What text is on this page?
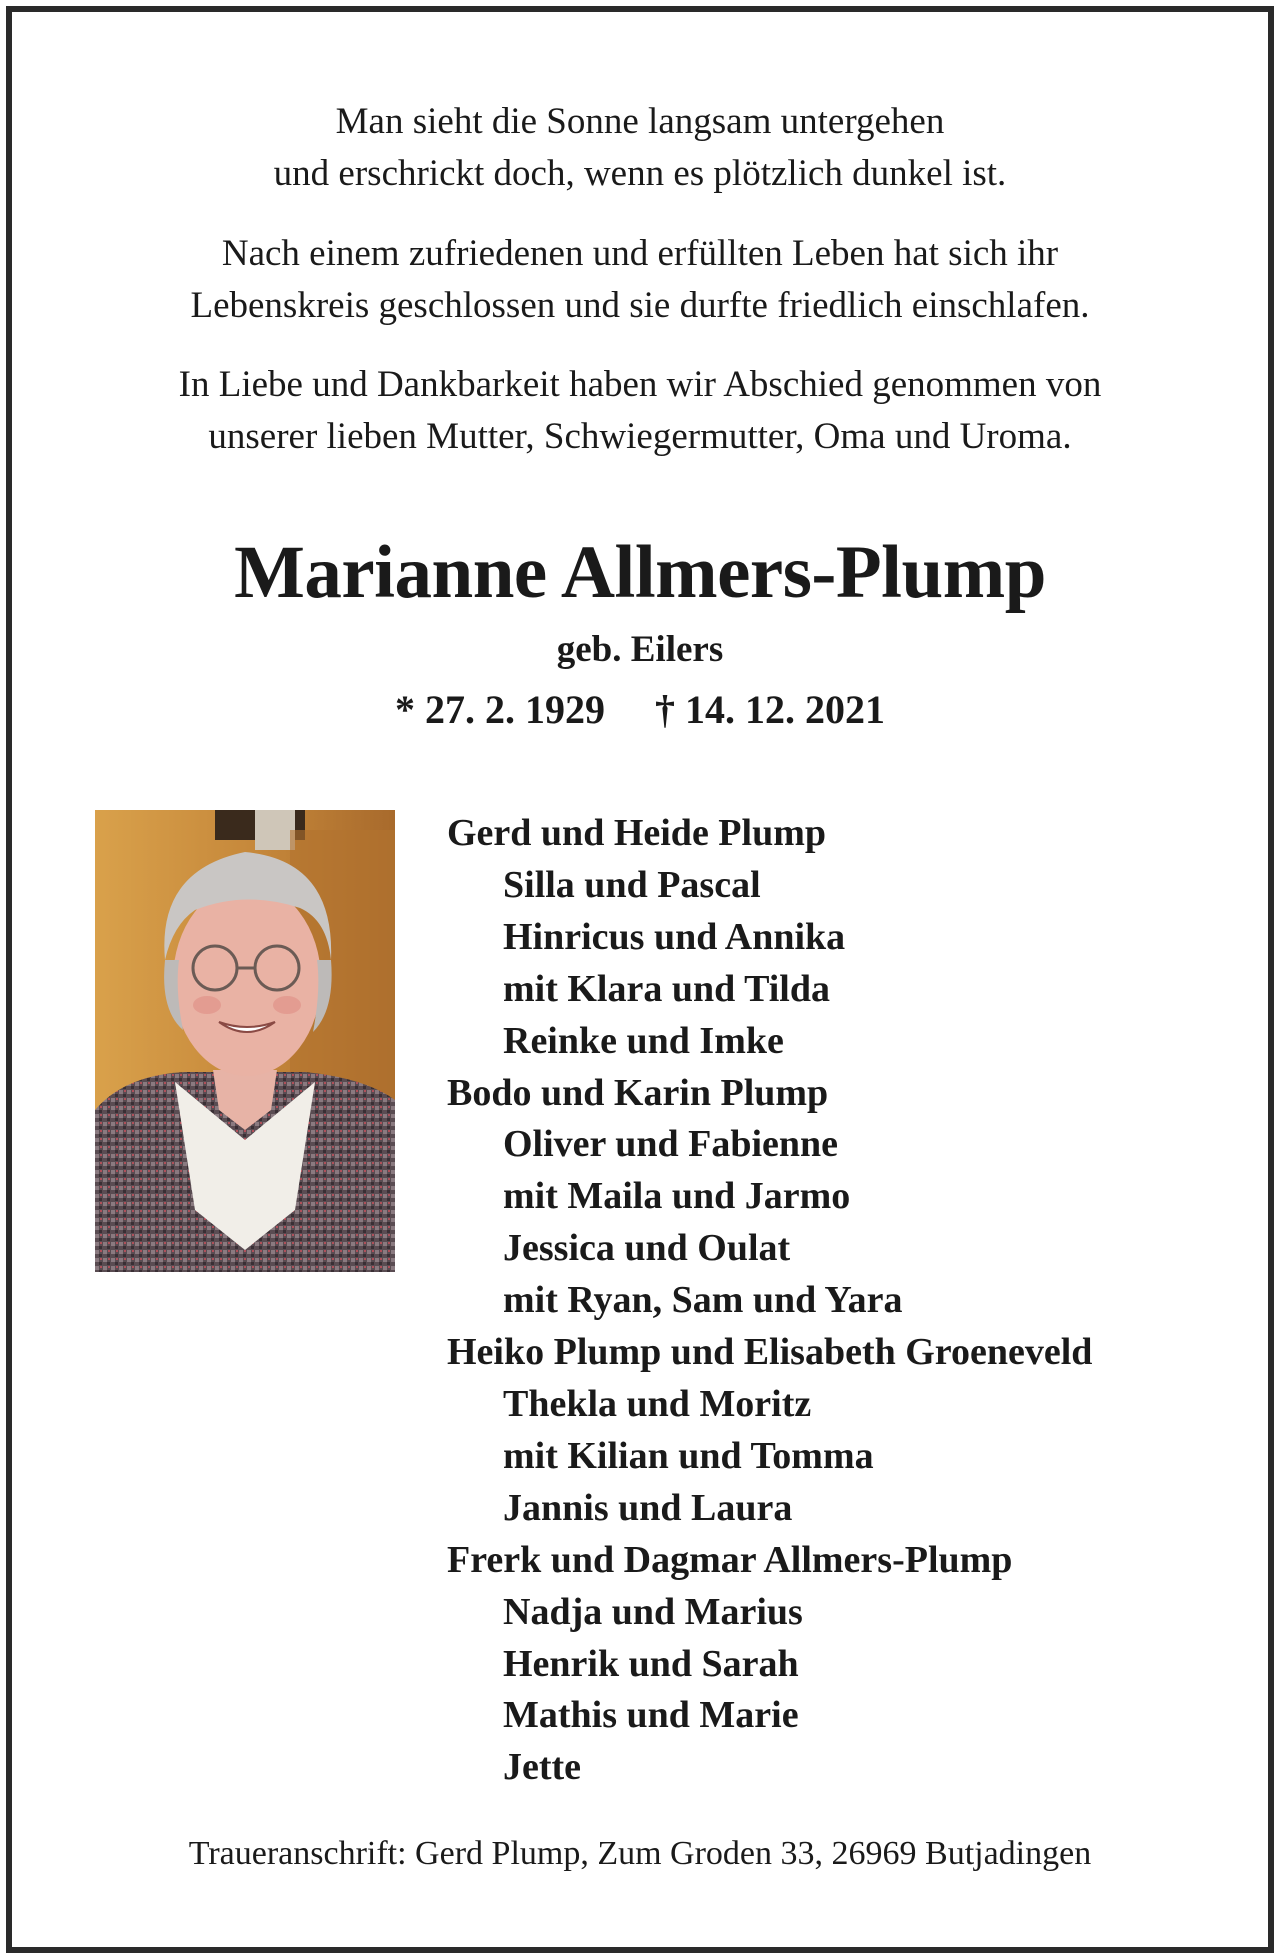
Man sieht die Sonne langsam untergehen

und erschrickt doch, wenn es plötzlich dunkel ist.

Nach einem zufriedenen und erfüllten Leben hat sich ihr

Lebenskreis geschlossen und sie durfte friedlich einschlafen.

In Liebe und Dankbarkeit haben wir Abschied genommen von

unserer lieben Mutter, Schwiegermutter, Oma und Uroma.

Marianne Allmers-Plump
geb. Eilers
* 27. 2. 1929 † 14. 12. 2021
Gerd und Heide Plump
Silla und Pascal
Hinricus und Annika
mit Klara und Tilda
Reinke und Imke
Bodo und Karin Plump
Oliver und Fabienne
mit Maila und Jarmo
Jessica und Oulat
mit Ryan, Sam und Yara
Heiko Plump und Elisabeth Groeneveld
Thekla und Moritz
mit Kilian und Tomma
Jannis und Laura
Frerk und Dagmar Allmers-Plump
Nadja und Marius
Henrik und Sarah
Mathis und Marie
Jette
Traueranschrift: Gerd Plump, Zum Groden 33, 26969 Butjadingen
